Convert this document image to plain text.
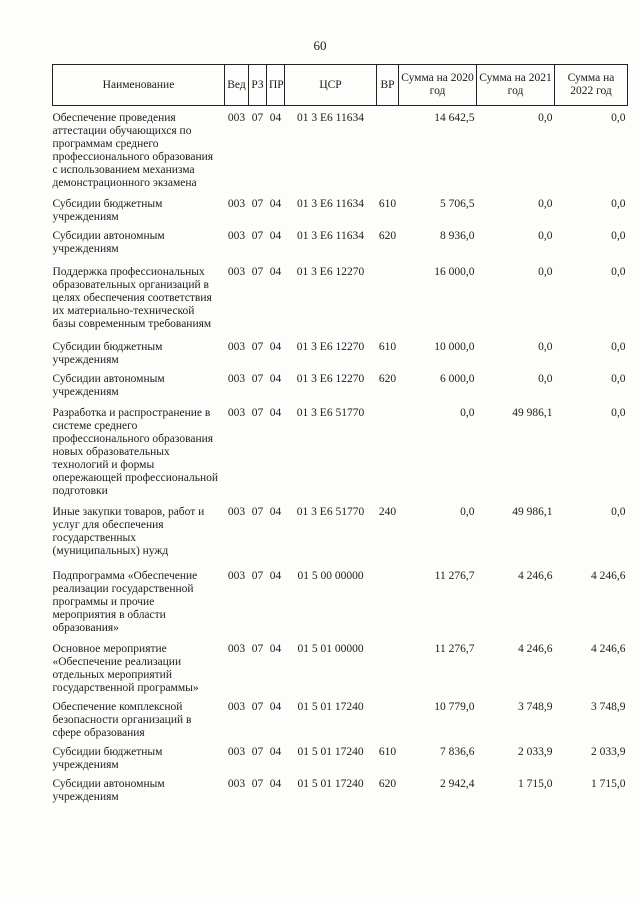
60
Наименование	Вед	РЗ	ПР	ЦСР	ВР	Сумма на 2020 год	Сумма на 2021 год	Сумма на 2022 год
Обеспечение проведения аттестации обучающихся по программам среднего профессионального образования с использованием механизма демонстрационного экзамена	003	07	04	01 3 E6 11634		14 642,5	0,0	0,0
Субсидии бюджетным учреждениям	003	07	04	01 3 E6 11634	610	5 706,5	0,0	0,0
Субсидии автономным учреждениям	003	07	04	01 3 E6 11634	620	8 936,0	0,0	0,0
Поддержка профессиональных образовательных организаций в целях обеспечения соответствия их материально-технической базы современным требованиям	003	07	04	01 3 E6 12270		16 000,0	0,0	0,0
Субсидии бюджетным учреждениям	003	07	04	01 3 E6 12270	610	10 000,0	0,0	0,0
Субсидии автономным учреждениям	003	07	04	01 3 E6 12270	620	6 000,0	0,0	0,0
Разработка и распространение в системе среднего профессионального образования новых образовательных технологий и формы опережающей профессиональной подготовки	003	07	04	01 3 E6 51770		0,0	49 986,1	0,0
Иные закупки товаров, работ и услуг для обеспечения государственных (муниципальных) нужд	003	07	04	01 3 E6 51770	240	0,0	49 986,1	0,0
Подпрограмма «Обеспечение реализации государственной программы и прочие мероприятия в области образования»	003	07	04	01 5 00 00000		11 276,7	4 246,6	4 246,6
Основное мероприятие «Обеспечение реализации отдельных мероприятий государственной программы»	003	07	04	01 5 01 00000		11 276,7	4 246,6	4 246,6
Обеспечение комплексной безопасности организаций в сфере образования	003	07	04	01 5 01 17240		10 779,0	3 748,9	3 748,9
Субсидии бюджетным учреждениям	003	07	04	01 5 01 17240	610	7 836,6	2 033,9	2 033,9
Субсидии автономным учреждениям	003	07	04	01 5 01 17240	620	2 942,4	1 715,0	1 715,0
